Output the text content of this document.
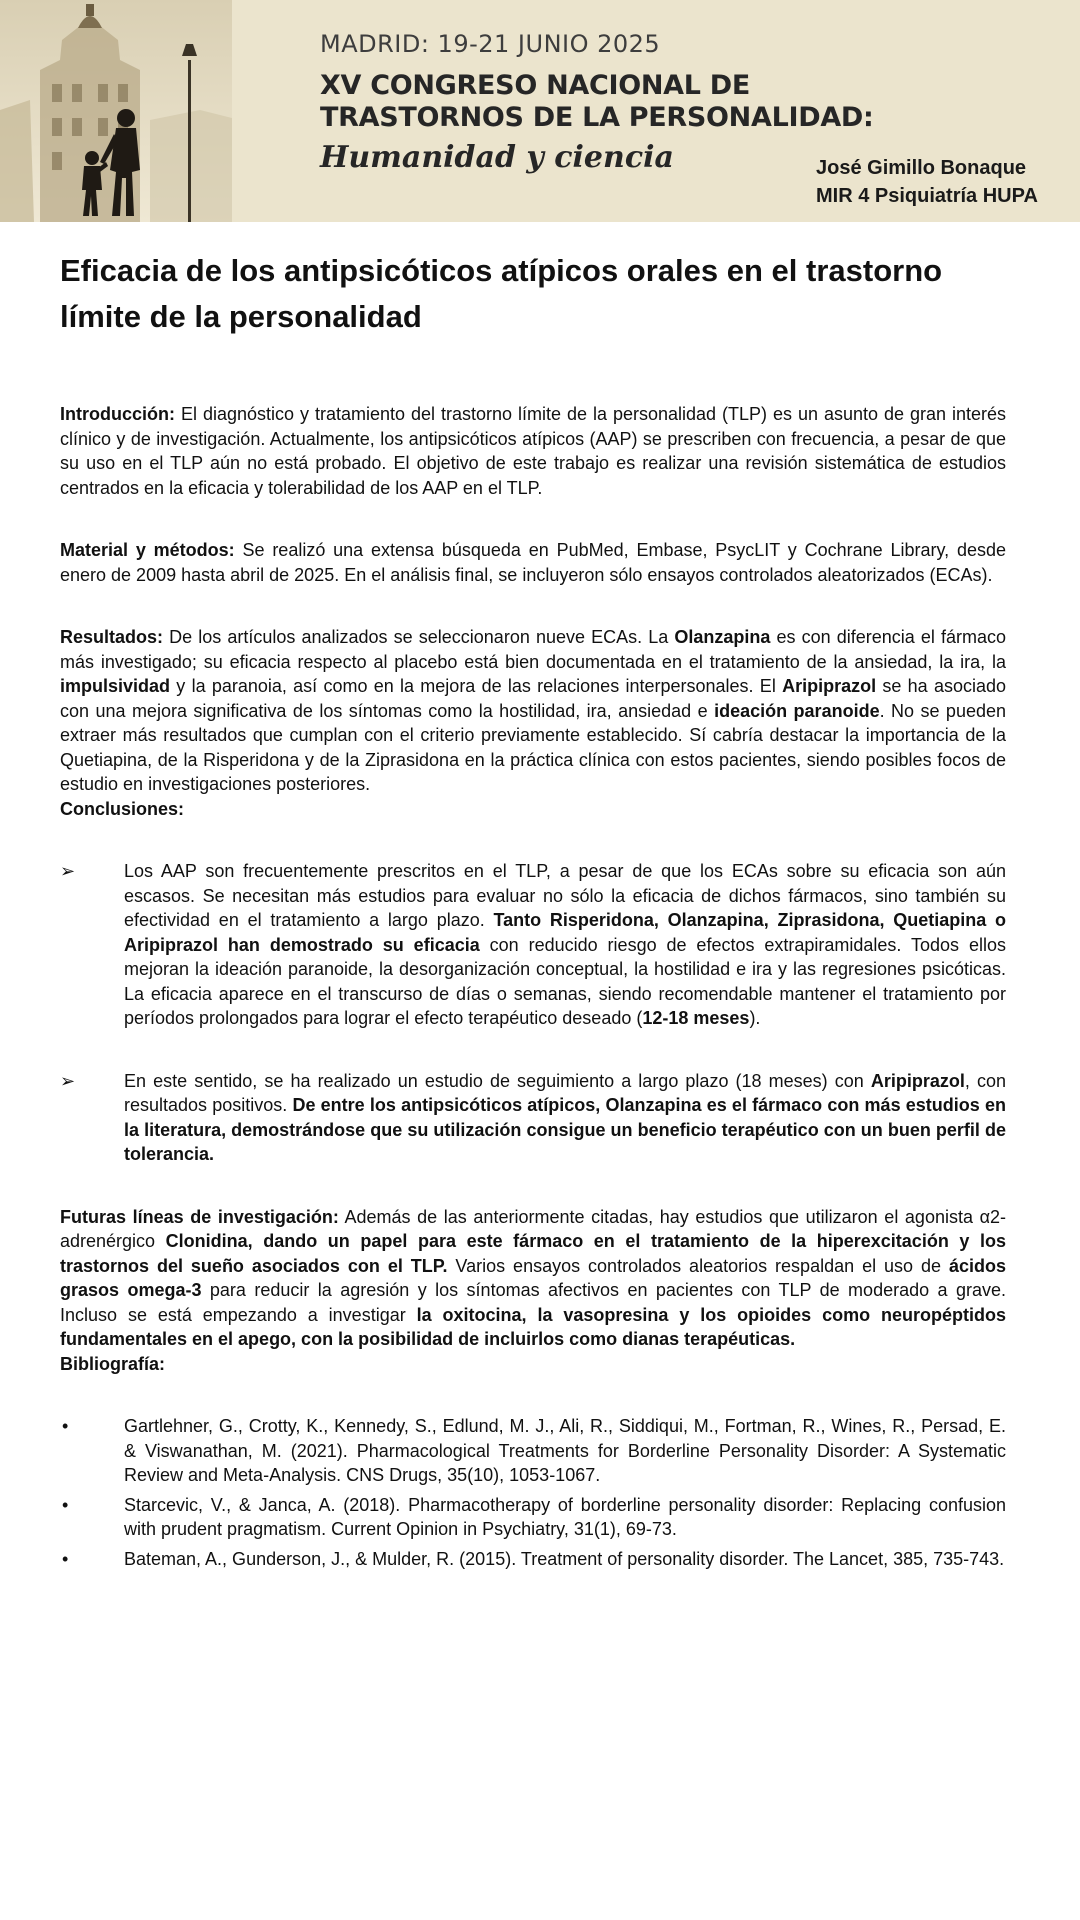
MADRID: 19-21 JUNIO 2025
XV CONGRESO NACIONAL DE
TRASTORNOS DE LA PERSONALIDAD:
Humanidad y ciencia	José Gimillo Bonaque
MIR 4 Psiquiatría HUPA
Eficacia de los antipsicóticos atípicos orales en el trastorno límite de la personalidad

Introducción: El diagnóstico y tratamiento del trastorno límite de la personalidad (TLP) es un asunto de gran interés clínico y de investigación. Actualmente, los antipsicóticos atípicos (AAP) se prescriben con frecuencia, a pesar de que su uso en el TLP aún no está probado. El objetivo de este trabajo es realizar una revisión sistemática de estudios centrados en la eficacia y tolerabilidad de los AAP en el TLP.

Material y métodos: Se realizó una extensa búsqueda en PubMed, Embase, PsycLIT y Cochrane Library, desde enero de 2009 hasta abril de 2025. En el análisis final, se incluyeron sólo ensayos controlados aleatorizados (ECAs).

Resultados: De los artículos analizados se seleccionaron nueve ECAs. La Olanzapina es con diferencia el fármaco más investigado; su eficacia respecto al placebo está bien documentada en el tratamiento de la ansiedad, la ira, la impulsividad y la paranoia, así como en la mejora de las relaciones interpersonales. El Aripiprazol se ha asociado con una mejora significativa de los síntomas como la hostilidad, ira, ansiedad e ideación paranoide. No se pueden extraer más resultados que cumplan con el criterio previamente establecido. Sí cabría destacar la importancia de la Quetiapina, de la Risperidona y de la Ziprasidona en la práctica clínica con estos pacientes, siendo posibles focos de estudio en investigaciones posteriores.

Conclusiones:

➢	Los AAP son frecuentemente prescritos en el TLP, a pesar de que los ECAs sobre su eficacia son aún escasos. Se necesitan más estudios para evaluar no sólo la eficacia de dichos fármacos, sino también su efectividad en el tratamiento a largo plazo. Tanto Risperidona, Olanzapina, Ziprasidona, Quetiapina o Aripiprazol han demostrado su eficacia con reducido riesgo de efectos extrapiramidales. Todos ellos mejoran la ideación paranoide, la desorganización conceptual, la hostilidad e ira y las regresiones psicóticas. La eficacia aparece en el transcurso de días o semanas, siendo recomendable mantener el tratamiento por períodos prolongados para lograr el efecto terapéutico deseado (12-18 meses).
➢	En este sentido, se ha realizado un estudio de seguimiento a largo plazo (18 meses) con Aripiprazol, con resultados positivos. De entre los antipsicóticos atípicos, Olanzapina es el fármaco con más estudios en la literatura, demostrándose que su utilización consigue un beneficio terapéutico con un buen perfil de tolerancia.

Futuras líneas de investigación: Además de las anteriormente citadas, hay estudios que utilizaron el agonista α2- adrenérgico Clonidina, dando un papel para este fármaco en el tratamiento de la hiperexcitación y los trastornos del sueño asociados con el TLP. Varios ensayos controlados aleatorios respaldan el uso de ácidos grasos omega-3 para reducir la agresión y los síntomas afectivos en pacientes con TLP de moderado a grave. Incluso se está empezando a investigar la oxitocina, la vasopresina y los opioides como neuropéptidos fundamentales en el apego, con la posibilidad de incluirlos como dianas terapéuticas.

Bibliografía:

•	Gartlehner, G., Crotty, K., Kennedy, S., Edlund, M. J., Ali, R., Siddiqui, M., Fortman, R., Wines, R., Persad, E. & Viswanathan, M. (2021). Pharmacological Treatments for Borderline Personality Disorder: A Systematic Review and Meta-Analysis. CNS Drugs, 35(10), 1053-1067.
•	Starcevic, V., & Janca, A. (2018). Pharmacotherapy of borderline personality disorder: Replacing confusion with prudent pragmatism. Current Opinion in Psychiatry, 31(1), 69-73.
•	Bateman, A., Gunderson, J., & Mulder, R. (2015). Treatment of personality disorder. The Lancet, 385, 735-743.
